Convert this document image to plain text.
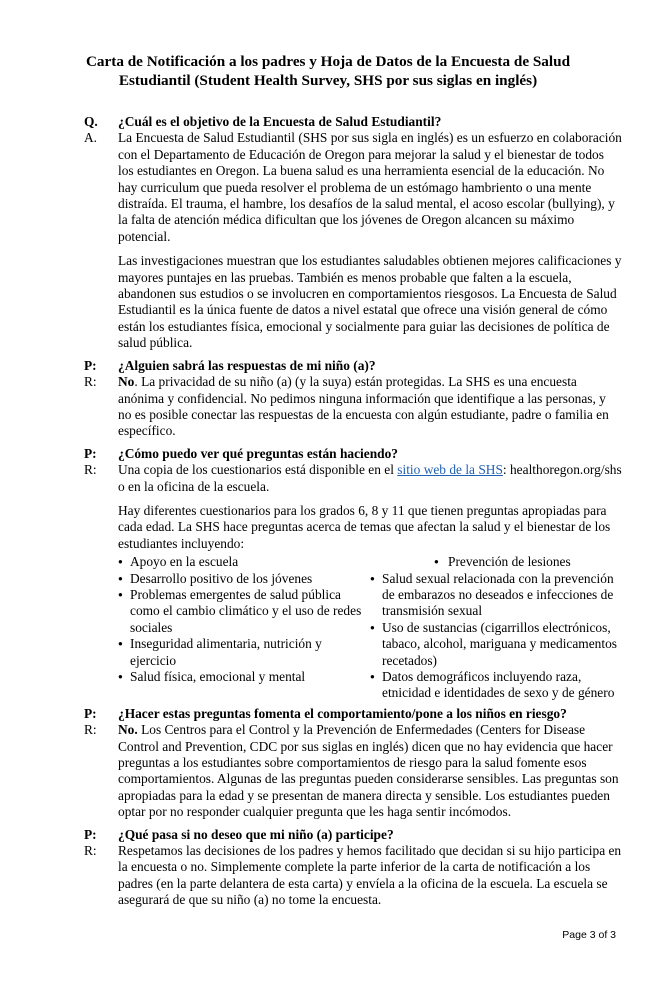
Carta de Notificación a los padres y Hoja de Datos de la Encuesta de Salud Estudiantil (Student Health Survey, SHS por sus siglas en inglés)
Q.	¿Cuál es el objetivo de la Encuesta de Salud Estudiantil?
A.	La Encuesta de Salud Estudiantil (SHS por sus sigla en inglés) es un esfuerzo en colaboración con el Departamento de Educación de Oregon para mejorar la salud y el bienestar de todos los estudiantes en Oregon. La buena salud es una herramienta esencial de la educación. No hay curriculum que pueda resolver el problema de un estómago hambriento o una mente distraída. El trauma, el hambre, los desafíos de la salud mental, el acoso escolar (bullying), y la falta de atención médica dificultan que los jóvenes de Oregon alcancen su máximo potencial.

Las investigaciones muestran que los estudiantes saludables obtienen mejores calificaciones y mayores puntajes en las pruebas. También es menos probable que falten a la escuela, abandonen sus estudios o se involucren en comportamientos riesgosos. La Encuesta de Salud Estudiantil es la única fuente de datos a nivel estatal que ofrece una visión general de cómo están los estudiantes física, emocional y socialmente para guiar las decisiones de política de salud pública.

P:	¿Alguien sabrá las respuestas de mi niño (a)?
R:	No. La privacidad de su niño (a) (y la suya) están protegidas. La SHS es una encuesta anónima y confidencial. No pedimos ninguna información que identifique a las personas, y no es posible conectar las respuestas de la encuesta con algún estudiante, padre o familia en específico.
P:	¿Cómo puedo ver qué preguntas están haciendo?
R:	Una copia de los cuestionarios está disponible en el sitio web de la SHS: healthoregon.org/shs o en la oficina de la escuela.

Hay diferentes cuestionarios para los grados 6, 8 y 11 que tienen preguntas apropiadas para cada edad. La SHS hace preguntas acerca de temas que afectan la salud y el bienestar de los estudiantes incluyendo:

● Apoyo en la escuela
● Desarrollo positivo de los jóvenes
● Problemas emergentes de salud pública como el cambio climático y el uso de redes sociales
● Inseguridad alimentaria, nutrición y ejercicio
● Salud física, emocional y mental
● Prevención de lesiones
● Salud sexual relacionada con la prevención de embarazos no deseados e infecciones de transmisión sexual
● Uso de sustancias (cigarrillos electrónicos, tabaco, alcohol, mariguana y medicamentos recetados)
● Datos demográficos incluyendo raza, etnicidad e identidades de sexo y de género
P:	¿Hacer estas preguntas fomenta el comportamiento/pone a los niños en riesgo?
R:	No. Los Centros para el Control y la Prevención de Enfermedades (Centers for Disease Control and Prevention, CDC por sus siglas en inglés) dicen que no hay evidencia que hacer preguntas a los estudiantes sobre comportamientos de riesgo para la salud fomente esos comportamientos. Algunas de las preguntas pueden considerarse sensibles. Las preguntas son apropiadas para la edad y se presentan de manera directa y sensible. Los estudiantes pueden optar por no responder cualquier pregunta que les haga sentir incómodos.
P:	¿Qué pasa si no deseo que mi niño (a) participe?
R:	Respetamos las decisiones de los padres y hemos facilitado que decidan si su hijo participa en la encuesta o no. Simplemente complete la parte inferior de la carta de notificación a los padres (en la parte delantera de esta carta) y envíela a la oficina de la escuela. La escuela se asegurará de que su niño (a) no tome la encuesta.
Page 3 of 3
